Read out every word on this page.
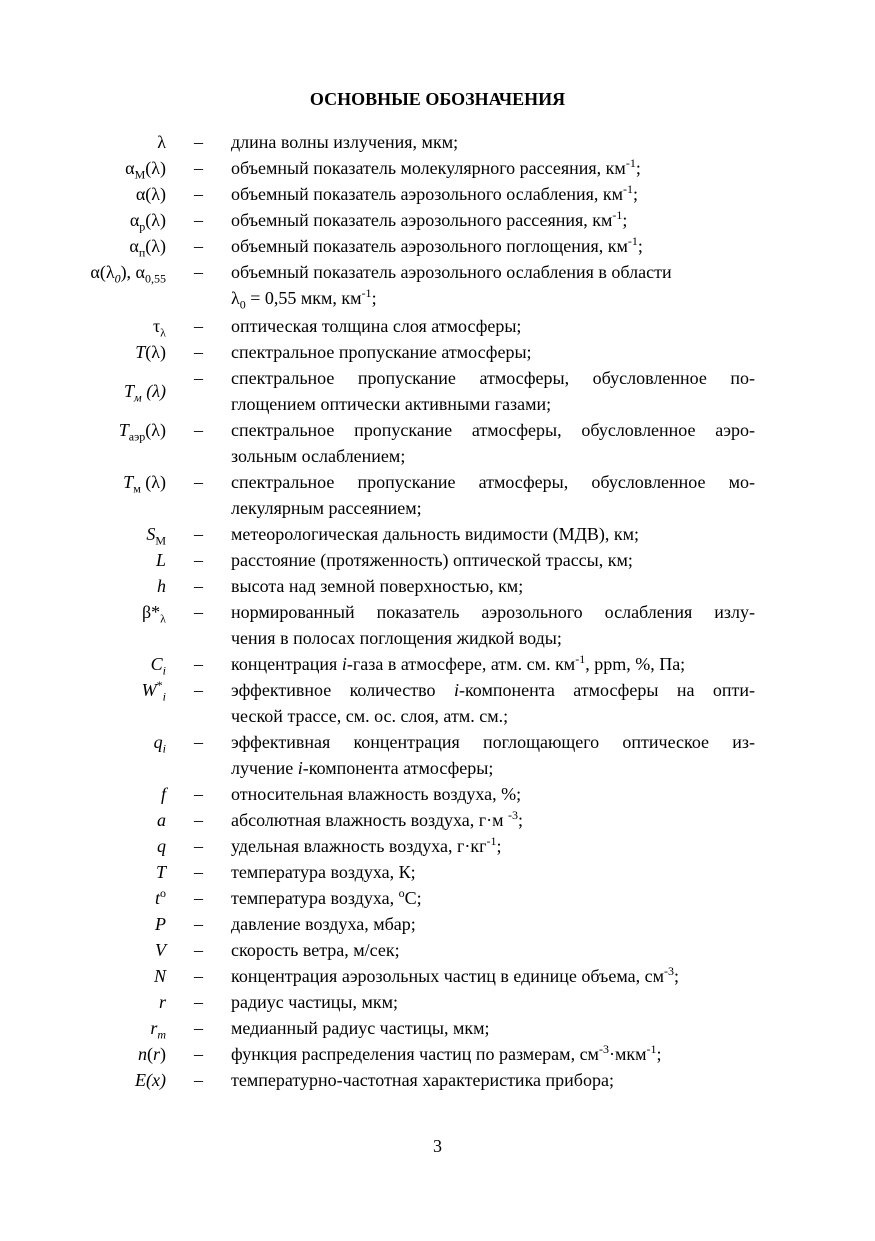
ОСНОВНЫЕ ОБОЗНАЧЕНИЯ
λ – длина волны излучения, мкм;
$\alpha_М(\lambda)$ – объемный показатель молекулярного рассеяния, $км^{-1}$;
α(λ) – объемный показатель аэрозольного ослабления, $км^{-1}$;
$\alpha_р(\lambda)$ – объемный показатель аэрозольного рассеяния, $км^{-1}$;
$\alpha_п(\lambda)$ – объемный показатель аэрозольного поглощения, $км^{-1}$;
$\alpha(\lambda_0)$, $\alpha_{0,55}$ – объемный показатель аэрозольного ослабления в области
$\lambda_0 = 0,55$ мкм, $км^{-1}$;
$\tau_\lambda$ – оптическая толщина слоя атмосферы;
T(λ) – спектральное пропускание атмосферы;
$T_м$ (λ)
– спектральное пропускание атмосферы, обусловленное по-
глощением оптически активными газами;
$T_{аэр}(\lambda)$ – спектральное пропускание атмосферы, обусловленное аэро-
зольным ослаблением;
$T_м$ (λ) – спектральное пропускание атмосферы, обусловленное мо-
лекулярным рассеянием;
$S_М$ – метеорологическая дальность видимости (МДВ), км;
L – расстояние (протяженность) оптической трассы, км;
h – высота над земной поверхностью, км;
$\beta*_\lambda$ – нормированный показатель аэрозольного ослабления излу-
чения в полосах поглощения жидкой воды;
$C_i$ – концентрация i-газа в атмосфере, атм. см. $км^{-1}$, ррm, %, Па;
$W^*_i$ – эффективное количество i-компонента атмосферы на опти-
ческой трассе, см. ос. слоя, атм. см.;
$q_i$ – эффективная концентрация поглощающего оптическое из-
лучение i-компонента атмосферы;
f – относительная влажность воздуха, %;
a – абсолютная влажность воздуха, г·м $^{-3}$;
q – удельная влажность воздуха, $г\cdot кг^{-1}$;
T – температура воздуха, К;
$t^o$ – температура воздуха, $^o$C;
P – давление воздуха, мбар;
V – скорость ветра, м/сек;
N – концентрация аэрозольных частиц в единице объема, $см^{-3}$;
r – радиус частицы, мкм;
$r_m$ – медианный радиус частицы, мкм;
n(r) – функция распределения частиц по размерам, $см^{-3}\cdot мкм^{-1}$;
E(x) – температурно-частотная характеристика прибора;
3
